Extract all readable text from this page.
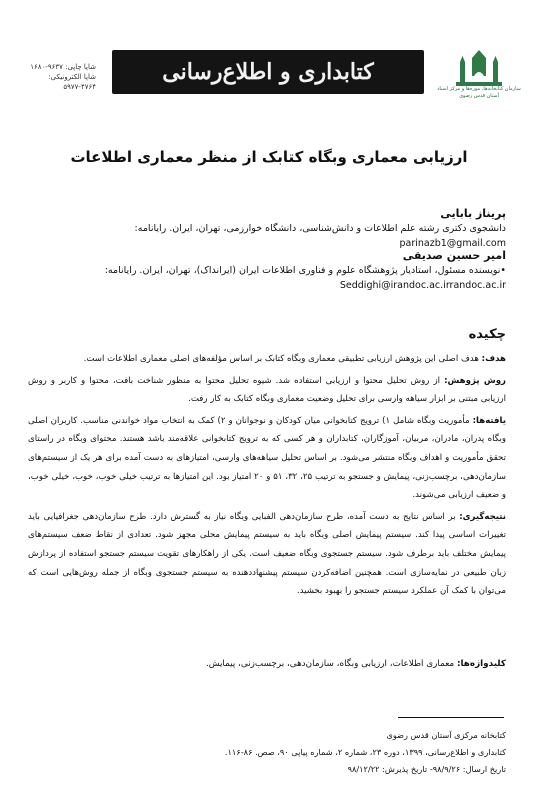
شاپا چاپی: ۹۶۳۷-۱۶۸۰
شاپا الکترونیکی: ۴۷۶۴-۵۹۷۷
کتابداری و اطلاع‌رسانی
سازمان کتابخانه‌ها، موزه‌ها و مرکز اسناد آستان قدس رضوی
ارزیابی معماری وبگاه کتابک از منظر معماری اطلاعات
پریناز بابایی
دانشجوی دکتری رشته علم اطلاعات و دانش‌شناسی، دانشگاه خوارزمی، تهران، ایران. رایانامه: parinazb1@gmail.com
امیر حسین صدیقی
•نویسنده مسئول، استادیار پژوهشگاه علوم و فناوری اطلاعات ایران (ایرانداک)، تهران، ایران. رایانامه:
Seddighi@irandoc.ac.irrandoc.ac.ir
چکیده

هدف: هدف اصلی این پژوهش ارزیابی تطبیقی معماری وبگاه کتابک بر اساس مؤلفه‌های اصلی معماری اطلاعات است.

روش پژوهش: از روش تحلیل محتوا و ارزیابی استفاده شد. شیوه تحلیل محتوا به منظور شناخت بافت، محتوا و کاربر و روش ارزیابی مبتنی بر ابزار سیاهه وارسی برای تحلیل وضعیت معماری وبگاه کتابک به کار رفت.

یافته‌ها: مأموریت وبگاه شامل ۱) ترویج کتابخوانی میان کودکان و نوجوانان و ۲) کمک به انتخاب مواد خواندنی مناسب. کاربران اصلی وبگاه پدران، مادران، مربیان، آموزگاران، کتابداران و هر کسی که به ترویج کتابخوانی علاقه‌مند باشد هستند. محتوای وبگاه در راستای تحقق مأموریت و اهداف وبگاه منتشر می‌شود. بر اساس تحلیل سیاهه‌های وارسی، امتیازهای به دست آمده برای هر یک از سیستم‌های سازمان‌دهی، برچسب‌زنی، پیمایش و جستجو به ترتیب ۲۵، ۳۲، ۵۱ و ۲۰ امتیاز بود. این امتیازها به ترتیب خیلی خوب، خوب، خیلی خوب، و ضعیف ارزیابی می‌شوند.

نتیجه‌گیری: بر اساس نتایج به دست آمده، طرح سازمان‌دهی الفبایی وبگاه نیاز به گسترش دارد. طرح سازمان‌دهی جغرافیایی باید تغییرات اساسی پیدا کند. سیستم پیمایش اصلی وبگاه باید به سیستم پیمایش محلی مجهز شود. تعدادی از نقاط ضعف سیستم‌های پیمایش مختلف باید برطرف شود. سیستم جستجوی وبگاه ضعیف است. یکی از راهکارهای تقویت سیستم جستجو استفاده از پردازش زبان طبیعی در نمایه‌سازی است. همچنین اضافه‌کردن سیستم پیشنهاددهنده به سیستم جستجوی وبگاه از جمله روش‌هایی است که می‌توان با کمک آن عملکرد سیستم جستجو را بهبود بخشید.

کلیدواژه‌ها: معماری اطلاعات، ارزیابی وبگاه، سازمان‌دهی، برچسب‌زنی، پیمایش.
کتابخانه مرکزی آستان قدس رضوی
کتابداری و اطلاع‌رسانی، ۱۳۹۹، دوره ۲۳، شماره ۲، شماره پیاپی ۹۰، صص. ۸۶-۱۱۶.
تاریخ ارسال: ۹۸/۹/۲۶- تاریخ پذیرش: ۹۸/۱۲/۲۲
